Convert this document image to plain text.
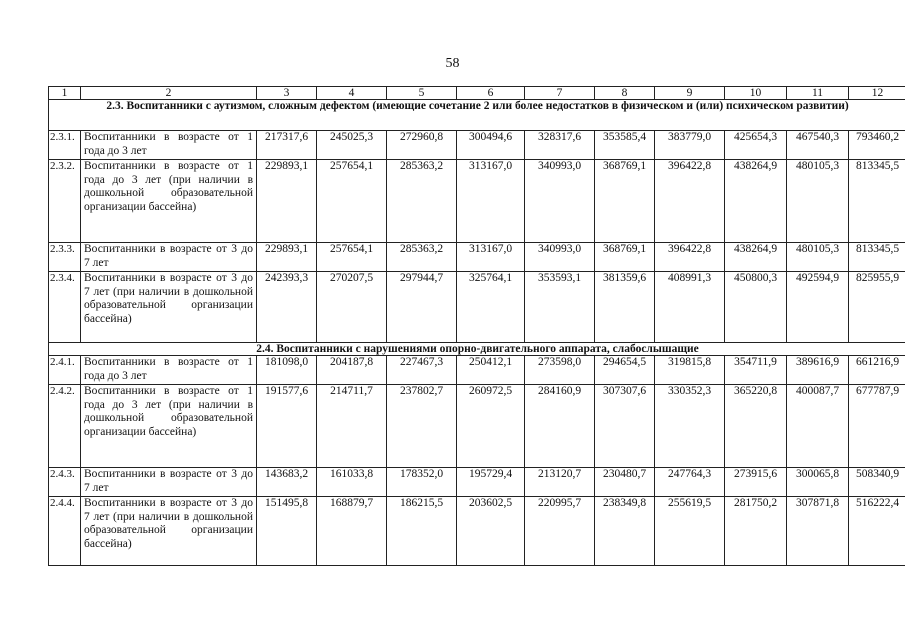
58
1	2	3	4	5	6	7	8	9	10	11	12
2.3. Воспитанники с аутизмом, сложным дефектом (имеющие сочетание 2 или более недостатков в физическом и (или) психическом развитии)											
2.3.1.	Воспитанники в возрасте от 1 года до 3 лет	217317,6	245025,3	272960,8	300494,6	328317,6	353585,4	383779,0	425654,3	467540,3	793460,2
2.3.2.	Воспитанники в возрасте от 1 года до 3 лет (при наличии в дошкольной образовательной организации бассейна)	229893,1	257654,1	285363,2	313167,0	340993,0	368769,1	396422,8	438264,9	480105,3	813345,5
2.3.3.	Воспитанники в возрасте от 3 до 7 лет	229893,1	257654,1	285363,2	313167,0	340993,0	368769,1	396422,8	438264,9	480105,3	813345,5
2.3.4.	Воспитанники в возрасте от 3 до 7 лет (при наличии в дошкольной образовательной организации бассейна)	242393,3	270207,5	297944,7	325764,1	353593,1	381359,6	408991,3	450800,3	492594,9	825955,9
2.4. Воспитанники с нарушениями опорно-двигательного аппарата, слабослышащие											
2.4.1.	Воспитанники в возрасте от 1 года до 3 лет	181098,0	204187,8	227467,3	250412,1	273598,0	294654,5	319815,8	354711,9	389616,9	661216,9
2.4.2.	Воспитанники в возрасте от 1 года до 3 лет (при наличии в дошкольной образовательной организации бассейна)	191577,6	214711,7	237802,7	260972,5	284160,9	307307,6	330352,3	365220,8	400087,7	677787,9
2.4.3.	Воспитанники в возрасте от 3 до 7 лет	143683,2	161033,8	178352,0	195729,4	213120,7	230480,7	247764,3	273915,6	300065,8	508340,9
2.4.4.	Воспитанники в возрасте от 3 до 7 лет (при наличии в дошкольной образовательной организации бассейна)	151495,8	168879,7	186215,5	203602,5	220995,7	238349,8	255619,5	281750,2	307871,8	516222,4
